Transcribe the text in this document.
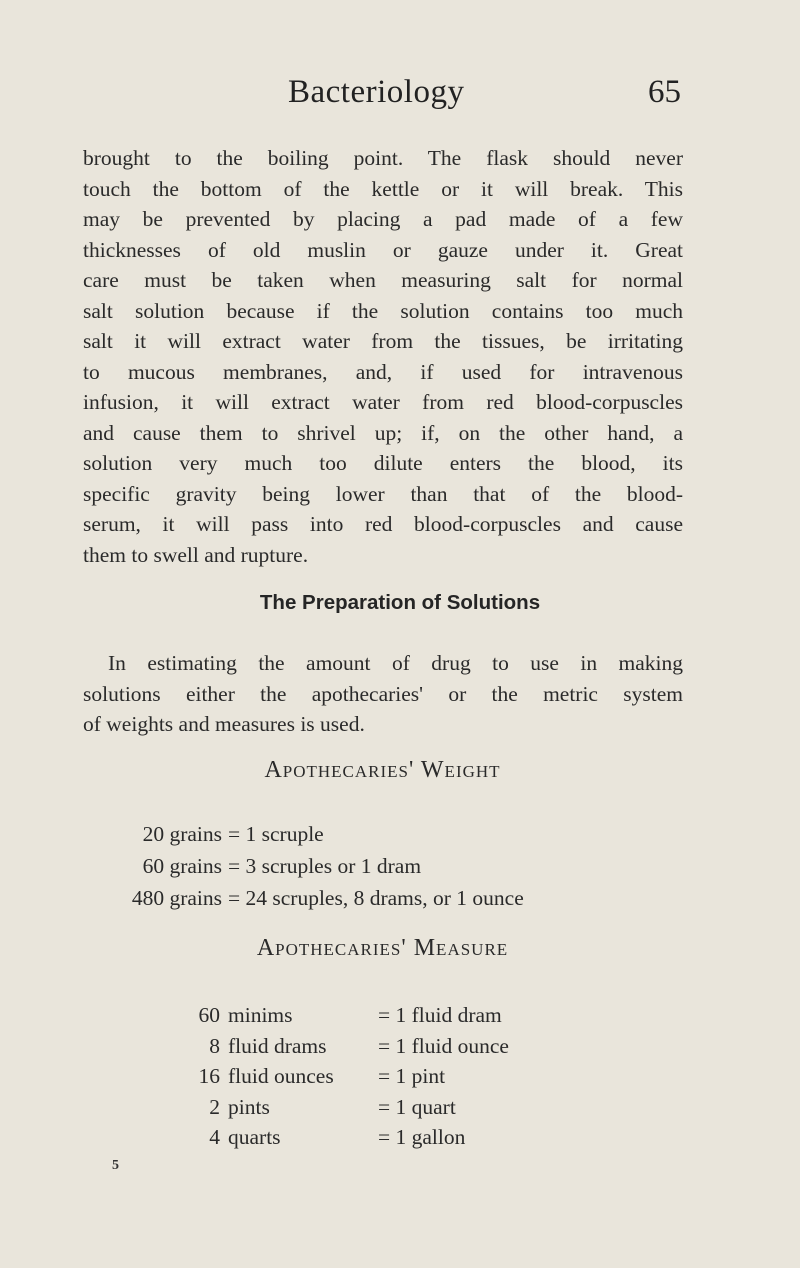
Bacteriology	65
brought to the boiling point. The flask should never
touch the bottom of the kettle or it will break. This
may be prevented by placing a pad made of a few
thicknesses of old muslin or gauze under it. Great
care must be taken when measuring salt for normal
salt solution because if the solution contains too much
salt it will extract water from the tissues, be irritating
to mucous membranes, and, if used for intravenous
infusion, it will extract water from red blood-corpuscles
and cause them to shrivel up; if, on the other hand, a
solution very much too dilute enters the blood, its
specific gravity being lower than that of the blood-
serum, it will pass into red blood-corpuscles and cause
them to swell and rupture.
The Preparation of Solutions
In estimating the amount of drug to use in making
solutions either the apothecaries' or the metric system
of weights and measures is used.
Apothecaries' Weight
20 grains = 1 scruple
60 grains = 3 scruples or 1 dram
480 grains = 24 scruples, 8 drams, or 1 ounce
Apothecaries' Measure
60 minims	= 1 fluid dram
8 fluid drams = 1 fluid ounce
16 fluid ounces = 1 pint
2 pints	= 1 quart
4 quarts	= 1 gallon
5
